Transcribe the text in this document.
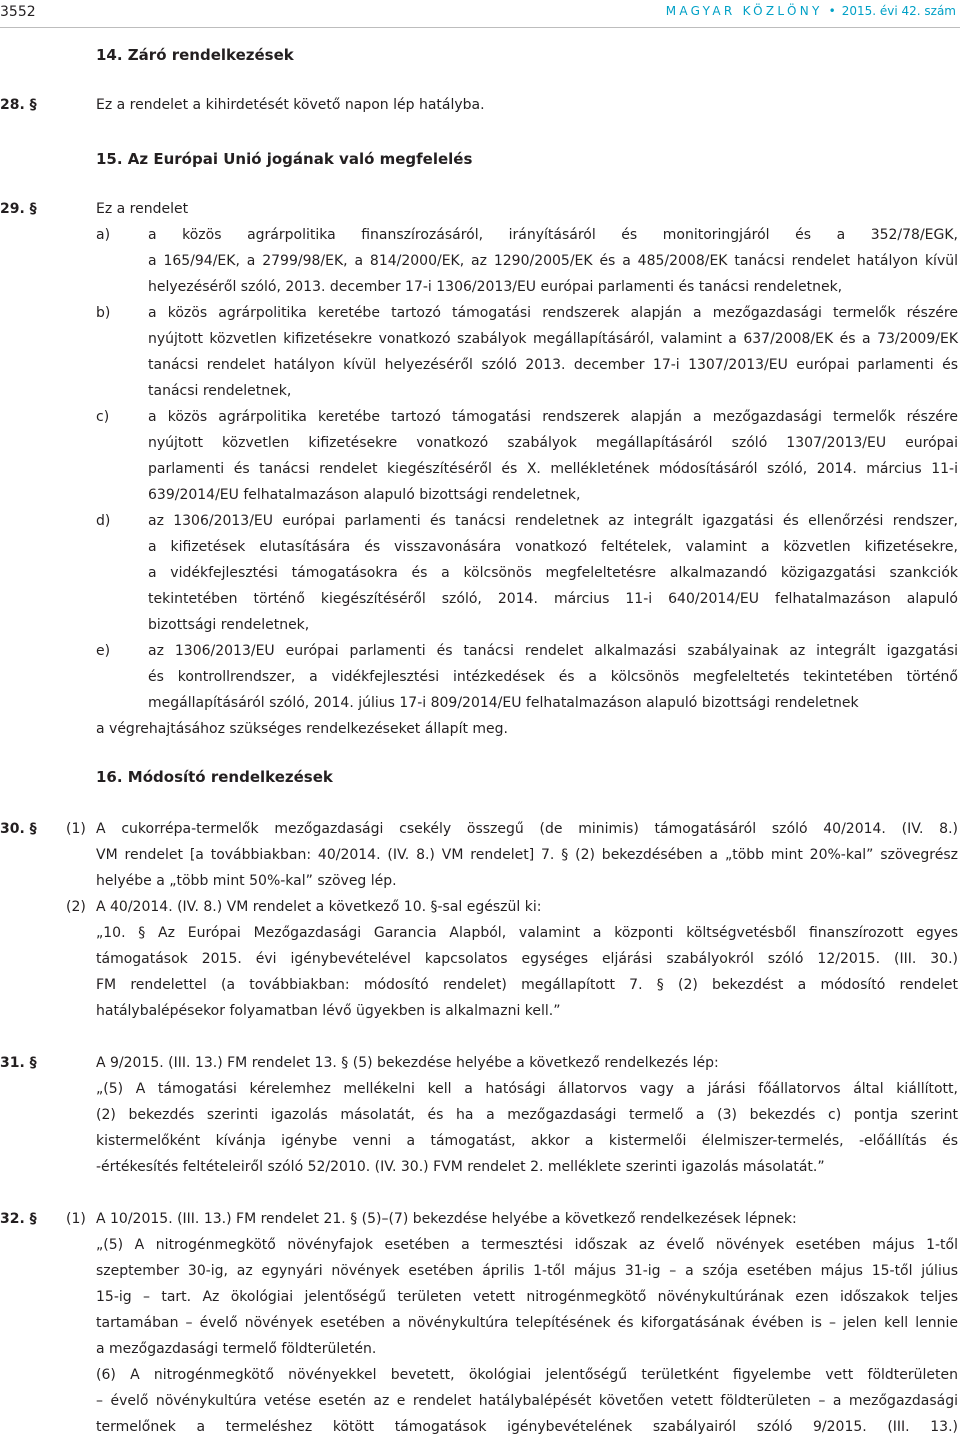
3552	MAGYAR KÖZLÖNY • 2015. évi 42. szám
14. Záró rendelkezések
28. §	Ez a rendelet a kihirdetését követő napon lép hatályba.
15. Az Európai Unió jogának való megfelelés
29. §	Ez a rendelet
a)	a közös agrárpolitika finanszírozásáról, irányításáról és monitoringjáról és a 352/78/EGK,
a 165/94/EK, a 2799/98/EK, a 814/2000/EK, az 1290/2005/EK és a 485/2008/EK tanácsi rendelet hatályon kívül
helyezéséről szóló, 2013. december 17-i 1306/2013/EU európai parlamenti és tanácsi rendeletnek,
b)	a közös agrárpolitika keretébe tartozó támogatási rendszerek alapján a mezőgazdasági termelők részére
nyújtott közvetlen kifizetésekre vonatkozó szabályok megállapításáról, valamint a 637/2008/EK és a 73/2009/EK
tanácsi rendelet hatályon kívül helyezéséről szóló 2013. december 17-i 1307/2013/EU európai parlamenti és
tanácsi rendeletnek,
c)	a közös agrárpolitika keretébe tartozó támogatási rendszerek alapján a mezőgazdasági termelők részére
nyújtott közvetlen kifizetésekre vonatkozó szabályok megállapításáról szóló 1307/2013/EU európai
parlamenti és tanácsi rendelet kiegészítéséről és X. mellékletének módosításáról szóló, 2014. március 11-i
639/2014/EU felhatalmazáson alapuló bizottsági rendeletnek,
d)	az 1306/2013/EU európai parlamenti és tanácsi rendeletnek az integrált igazgatási és ellenőrzési rendszer,
a kifizetések elutasítására és visszavonására vonatkozó feltételek, valamint a közvetlen kifizetésekre,
a vidékfejlesztési támogatásokra és a kölcsönös megfeleltetésre alkalmazandó közigazgatási szankciók
tekintetében történő kiegészítéséről szóló, 2014. március 11-i 640/2014/EU felhatalmazáson alapuló
bizottsági rendeletnek,
e)	az 1306/2013/EU európai parlamenti és tanácsi rendelet alkalmazási szabályainak az integrált igazgatási
és kontrollrendszer, a vidékfejlesztési intézkedések és a kölcsönös megfeleltetés tekintetében történő
megállapításáról szóló, 2014. július 17-i 809/2014/EU felhatalmazáson alapuló bizottsági rendeletnek
a végrehajtásához szükséges rendelkezéseket állapít meg.
16. Módosító rendelkezések
30. § (1) A cukorrépa-termelők mezőgazdasági csekély összegű (de minimis) támogatásáról szóló 40/2014. (IV. 8.)
VM rendelet [a továbbiakban: 40/2014. (IV. 8.) VM rendelet] 7. § (2) bekezdésében a „több mint 20%-kal” szövegrész
helyébe a „több mint 50%-kal” szöveg lép.
(2) A 40/2014. (IV. 8.) VM rendelet a következő 10. §-sal egészül ki:
„10. § Az Európai Mezőgazdasági Garancia Alapból, valamint a központi költségvetésből finanszírozott egyes
támogatások 2015. évi igénybevételével kapcsolatos egységes eljárási szabályokról szóló 12/2015. (III. 30.)
FM rendelettel (a továbbiakban: módosító rendelet) megállapított 7. § (2) bekezdést a módosító rendelet
hatálybalépésekor folyamatban lévő ügyekben is alkalmazni kell.”
31. §	A 9/2015. (III. 13.) FM rendelet 13. § (5) bekezdése helyébe a következő rendelkezés lép:
„(5) A támogatási kérelemhez mellékelni kell a hatósági állatorvos vagy a járási főállatorvos által kiállított,
(2) bekezdés szerinti igazolás másolatát, és ha a mezőgazdasági termelő a (3) bekezdés c) pontja szerint
kistermelőként kívánja igénybe venni a támogatást, akkor a kistermelői élelmiszer-termelés, -előállítás és
-értékesítés feltételeiről szóló 52/2010. (IV. 30.) FVM rendelet 2. melléklete szerinti igazolás másolatát.”
32. § (1) A 10/2015. (III. 13.) FM rendelet 21. § (5)–(7) bekezdése helyébe a következő rendelkezések lépnek:
„(5) A nitrogénmegkötő növényfajok esetében a termesztési időszak az évelő növények esetében május 1-től
szeptember 30-ig, az egynyári növények esetében április 1-től május 31-ig – a szója esetében május 15-től július
15-ig – tart. Az ökológiai jelentőségű területen vetett nitrogénmegkötő növénykultúrának ezen időszakok teljes
tartamában – évelő növények esetében a növénykultúra telepítésének és kiforgatásának évében is – jelen kell lennie
a mezőgazdasági termelő földterületén.
(6) A nitrogénmegkötő növényekkel bevetett, ökológiai jelentőségű területként figyelembe vett földterületen
– évelő növénykultúra vetése esetén az e rendelet hatálybalépését követően vetett földterületen – a mezőgazdasági
termelőnek a termeléshez kötött támogatások igénybevételének szabályairól szóló 9/2015. (III. 13.)
